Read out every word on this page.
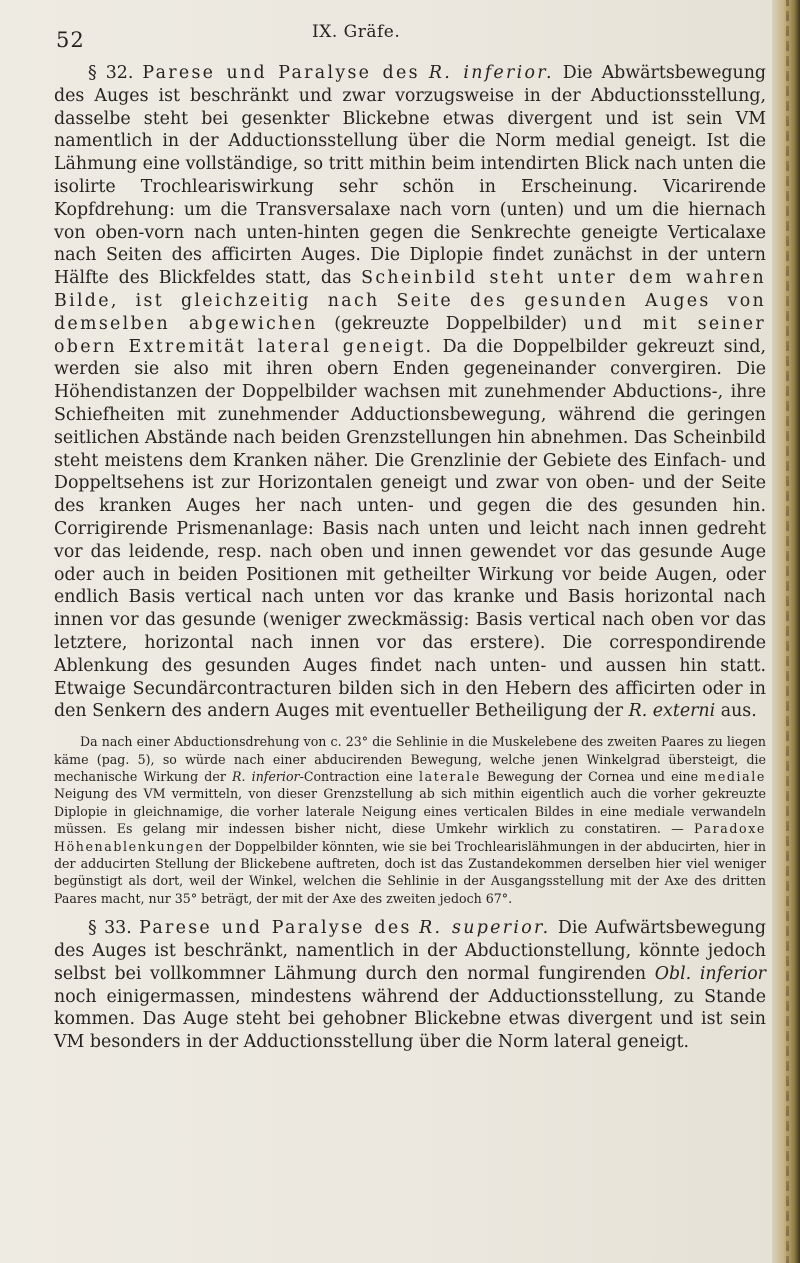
52	IX. Gräfe.

§ 32. Parese und Paralyse des R. inferior. Die Abwärtsbewegung des Auges ist beschränkt und zwar vorzugsweise in der Abductionsstellung, dasselbe steht bei gesenkter Blickebne etwas divergent und ist sein VM namentlich in der Adductionsstellung über die Norm medial geneigt. Ist die Lähmung eine vollständige, so tritt mithin beim intendirten Blick nach unten die isolirte Trochleariswirkung sehr schön in Erscheinung. Vicarirende Kopfdrehung: um die Transversalaxe nach vorn (unten) und um die hiernach von oben-vorn nach unten-hinten gegen die Senkrechte geneigte Verticalaxe nach Seiten des afficirten Auges. Die Diplopie findet zunächst in der untern Hälfte des Blickfeldes statt, das Scheinbild steht unter dem wahren Bilde, ist gleichzeitig nach Seite des gesunden Auges von demselben abgewichen (gekreuzte Doppelbilder) und mit seiner obern Extremität lateral geneigt. Da die Doppelbilder gekreuzt sind, werden sie also mit ihren obern Enden gegeneinander convergiren. Die Höhendistanzen der Doppelbilder wachsen mit zunehmender Abductions-, ihre Schiefheiten mit zunehmender Adductionsbewegung, während die geringen seitlichen Abstände nach beiden Grenzstellungen hin abnehmen. Das Scheinbild steht meistens dem Kranken näher. Die Grenzlinie der Gebiete des Einfach- und Doppeltsehens ist zur Horizontalen geneigt und zwar von oben- und der Seite des kranken Auges her nach unten- und gegen die des gesunden hin. Corrigirende Prismenanlage: Basis nach unten und leicht nach innen gedreht vor das leidende, resp. nach oben und innen gewendet vor das gesunde Auge oder auch in beiden Positionen mit getheilter Wirkung vor beide Augen, oder endlich Basis vertical nach unten vor das kranke und Basis horizontal nach innen vor das gesunde (weniger zweckmässig: Basis vertical nach oben vor das letztere, horizontal nach innen vor das erstere). Die correspondirende Ablenkung des gesunden Auges findet nach unten- und aussen hin statt. Etwaige Secundärcontracturen bilden sich in den Hebern des afficirten oder in den Senkern des andern Auges mit eventueller Betheiligung der R. externi aus.

Da nach einer Abductionsdrehung von c. 23° die Sehlinie in die Muskelebene des zweiten Paares zu liegen käme (pag. 5), so würde nach einer abducirenden Bewegung, welche jenen Winkelgrad übersteigt, die mechanische Wirkung der R. inferior-Contraction eine laterale Bewegung der Cornea und eine mediale Neigung des VM vermitteln, von dieser Grenzstellung ab sich mithin eigentlich auch die vorher gekreuzte Diplopie in gleichnamige, die vorher laterale Neigung eines verticalen Bildes in eine mediale verwandeln müssen. Es gelang mir indessen bisher nicht, diese Umkehr wirklich zu constatiren. — Paradoxe Höhenablenkungen der Doppelbilder könnten, wie sie bei Trochlearislähmungen in der abducirten, hier in der adducirten Stellung der Blickebene auftreten, doch ist das Zustandekommen derselben hier viel weniger begünstigt als dort, weil der Winkel, welchen die Sehlinie in der Ausgangsstellung mit der Axe des dritten Paares macht, nur 35° beträgt, der mit der Axe des zweiten jedoch 67°.

§ 33. Parese und Paralyse des R. superior. Die Aufwärtsbewegung des Auges ist beschränkt, namentlich in der Abductionstellung, könnte jedoch selbst bei vollkommner Lähmung durch den normal fungirenden Obl. inferior noch einigermassen, mindestens während der Adductionsstellung, zu Stande kommen. Das Auge steht bei gehobner Blickebne etwas divergent und ist sein VM besonders in der Adductionsstellung über die Norm lateral geneigt.
